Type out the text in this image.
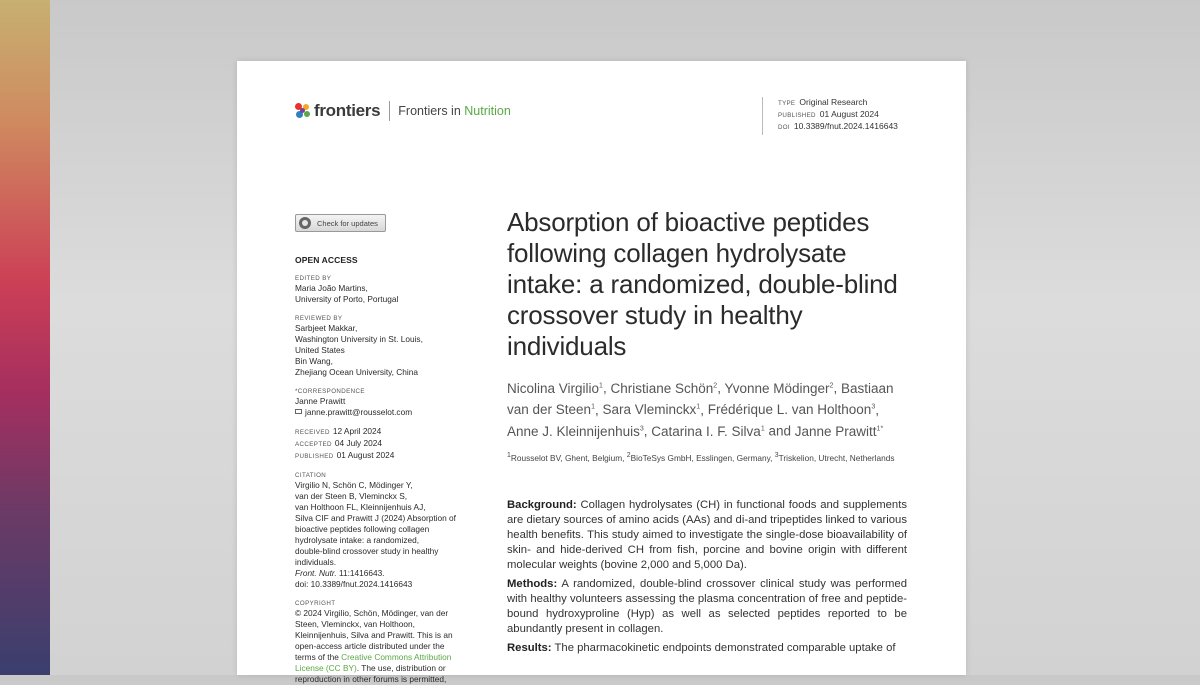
frontiers Frontiers in Nutrition
TYPE Original Research
PUBLISHED 01 August 2024
DOI 10.3389/fnut.2024.1416643
Check for updates
OPEN ACCESS
EDITED BY
Maria João Martins,
University of Porto, Portugal
REVIEWED BY
Sarbjeet Makkar,
Washington University in St. Louis,
United States
Bin Wang,
Zhejiang Ocean University, China
*CORRESPONDENCE
Janne Prawitt
janne.prawitt@rousselot.com
RECEIVED 12 April 2024
ACCEPTED 04 July 2024
PUBLISHED 01 August 2024
CITATION
Virgilio N, Schön C, Mödinger Y,
van der Steen B, Vleminckx S,
van Holthoon FL, Kleinnijenhuis AJ,
Silva CIF and Prawitt J (2024) Absorption of
bioactive peptides following collagen
hydrolysate intake: a randomized,
double-blind crossover study in healthy
individuals.
Front. Nutr. 11:1416643.
doi: 10.3389/fnut.2024.1416643
COPYRIGHT
© 2024 Virgilio, Schön, Mödinger, van der
Steen, Vleminckx, van Holthoon,
Kleinnijenhuis, Silva and Prawitt. This is an
open-access article distributed under the
terms of the Creative Commons Attribution License (CC BY). The use, distribution or reproduction in other forums is permitted,
Absorption of bioactive peptides following collagen hydrolysate intake: a randomized, double-blind crossover study in healthy individuals
Nicolina Virgilio$^1$, Christiane Schön$^2$, Yvonne Mödinger$^2$, Bastiaan van der Steen$^1$, Sara Vleminckx$^1$, Frédérique L. van Holthoon$^3$, Anne J. Kleinnijenhuis$^3$, Catarina I. F. Silva$^1$ and Janne Prawitt$^{1*}$
$^1$Rousselot BV, Ghent, Belgium, $^2$BioTeSys GmbH, Esslingen, Germany, $^3$Triskelion, Utrecht, Netherlands

Background: Collagen hydrolysates (CH) in functional foods and supplements are dietary sources of amino acids (AAs) and di-and tripeptides linked to various health benefits. This study aimed to investigate the single-dose bioavailability of skin- and hide-derived CH from fish, porcine and bovine origin with different molecular weights (bovine 2,000 and 5,000 Da).

Methods: A randomized, double-blind crossover clinical study was performed with healthy volunteers assessing the plasma concentration of free and peptide-bound hydroxyproline (Hyp) as well as selected peptides reported to be abundantly present in collagen.

Results: The pharmacokinetic endpoints demonstrated comparable uptake of
